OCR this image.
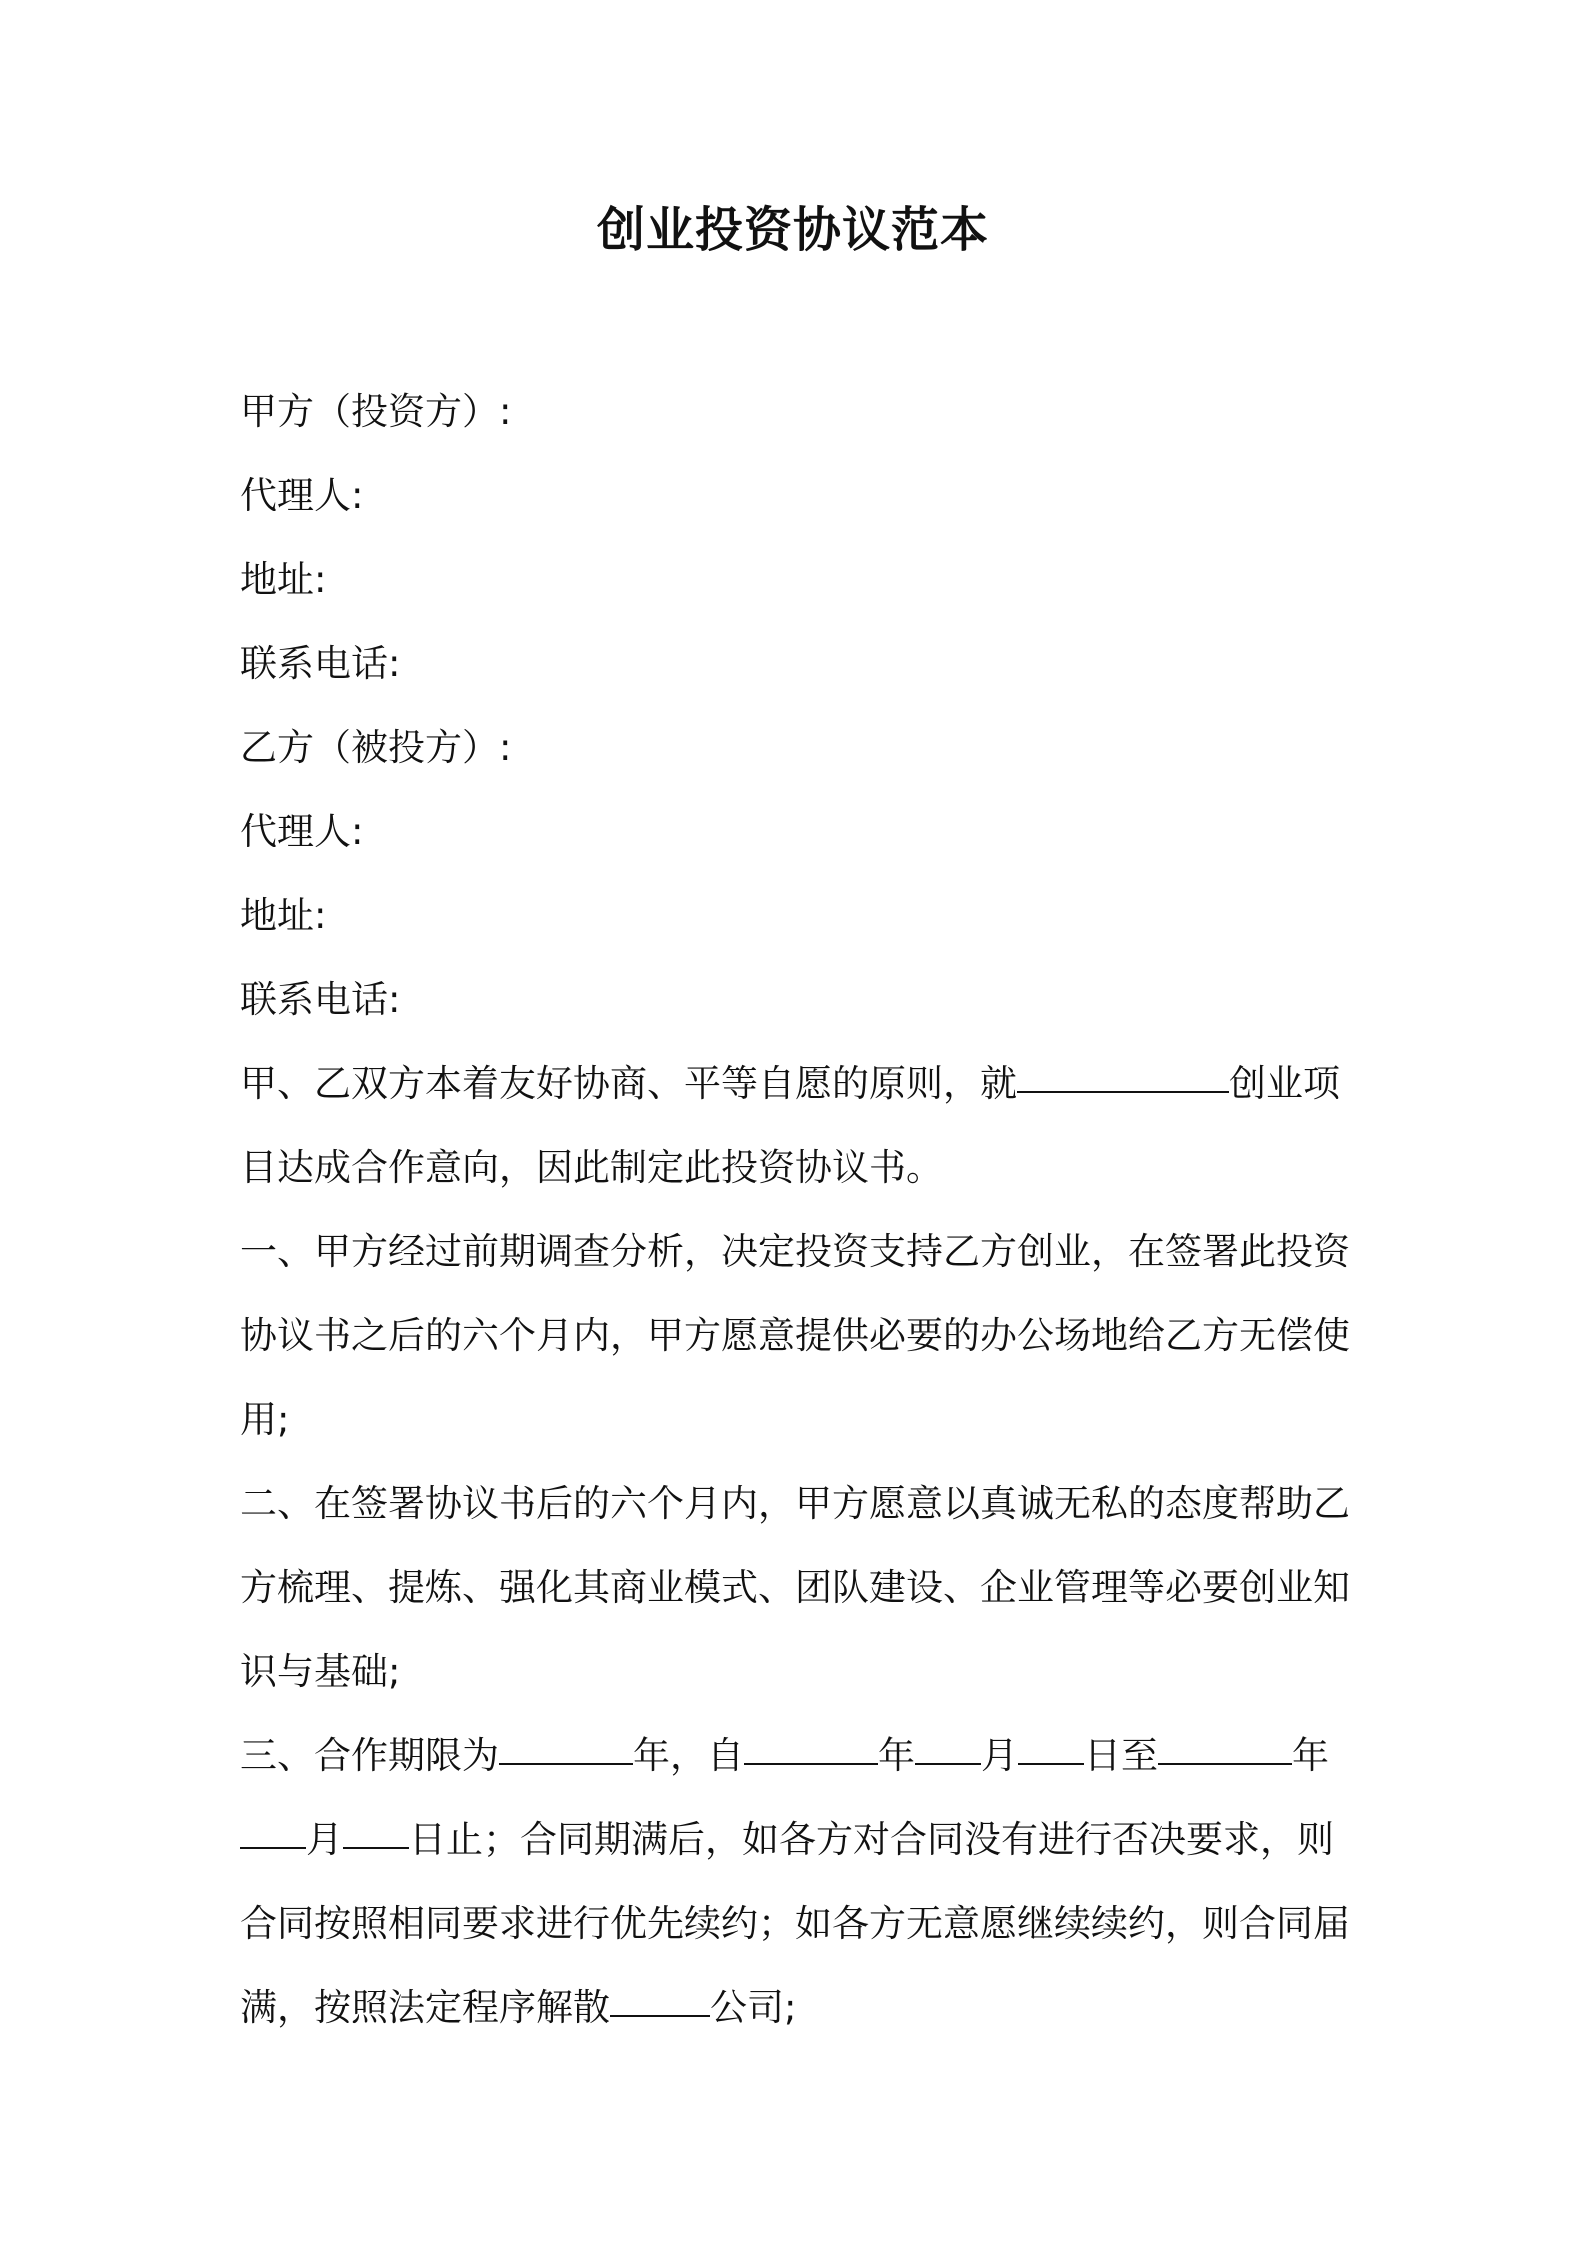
创业投资协议范本
甲方（投资方）:
代理人:
地址:
联系电话:
乙方（被投方）:
代理人:
地址:
联系电话:
甲、乙双方本着友好协商、平等自愿的原则，就	创业项
目达成合作意向，因此制定此投资协议书。
一、甲方经过前期调查分析，决定投资支持乙方创业，在签署此投资
协议书之后的六个月内，甲方愿意提供必要的办公场地给乙方无偿使
用;
二、在签署协议书后的六个月内，甲方愿意以真诚无私的态度帮助乙
方梳理、提炼、强化其商业模式、团队建设、企业管理等必要创业知
识与基础;
三、合作期限为	年，自	年 月 日至	年
月 日止；合同期满后，如各方对合同没有进行否决要求，则
合同按照相同要求进行优先续约；如各方无意愿继续续约，则合同届
满，按照法定程序解散	公司;
